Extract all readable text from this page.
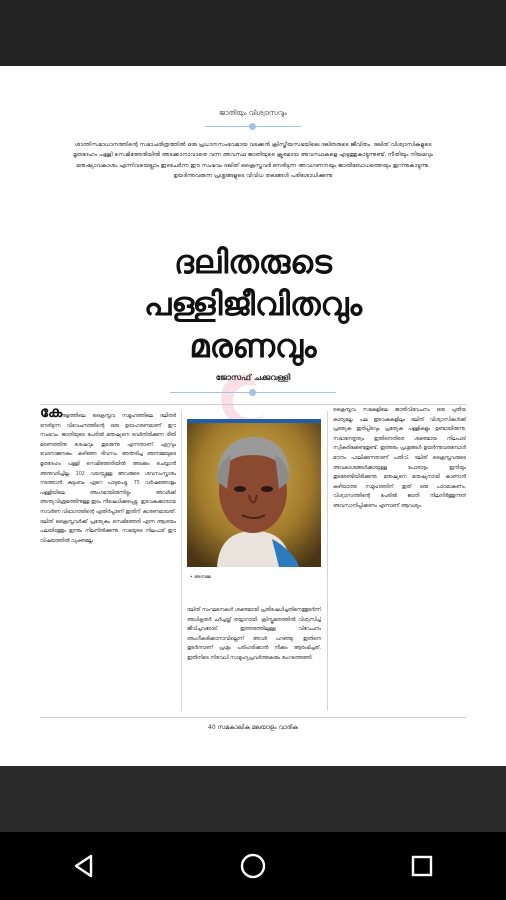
ജാതിയും വിശ്വാസവും
ശാന്തിസമാധാനത്തിന്റെ സഭാചരിത്രത്തിൽ ഒരു പ്രധാനസംഭവമായ വടക്കൻ ക്രിസ്തീയസഭയിലെ ദലിതരുടെ ജീവിതം. ദലിത് വിശ്വാസികളുടെ മൃതദേഹം പള്ളി സെമിത്തേരിയിൽ അടക്കാനാവാതെ വന്ന അവസ്ഥ ജാതിയുടെ ക്രൂരമായ അവസ്ഥകളെ എടുത്തുകാട്ടുന്നുണ്ട്. നീതിയും നിയമവും മനുഷ്യാവകാശം എന്നിവയെല്ലാം ഇഴചേർന്ന ഈ സംഭവം ദലിത് ക്രൈസ്തവർ നേരിടുന്ന അവഗണനയും ജാതിബോധത്തെയും തുറന്നുകാട്ടുന്നു. ഉയർന്നുവരുന്ന പ്രശ്നങ്ങളുടെ വിവിധ തലങ്ങൾ പരിശോധിക്കുന്നു
ദലിതരുടെ
പള്ളിജീവിതവും
മരണവും
ജോസഫ് ചക്കുവള്ളി
കേരളത്തിലെ ക്രൈസ്തവ സമൂഹത്തിലെ ദലിതർ നേരിടുന്ന വിവേചനത്തിന്റെ ഒരു ഉദാഹരണമാണ് ഈ സംഭവം. ജാതിയുടെ പേരിൽ മനുഷ്യനെ വേർതിരിക്കുന്ന രീതി മരണത്തിനു ശേഷവും തുടരുന്നു എന്നതാണ് ഏറ്റവും വേദനാജനകം. കഴിഞ്ഞ ദിവസം അന്തരിച്ച അന്നമ്മയുടെ മൃതദേഹം പള്ളി സെമിത്തേരിയിൽ അടക്കം ചെയ്യാൻ അനുവദിച്ചില്ല. 102 വയസ്സുള്ള അവരുടെ ശവസംസ്കാരം നടത്താൻ കുടുംബം ഏറെ പാടുപെട്ടു. 75 വർഷത്തോളം പള്ളിയിലെ അംഗമായിരുന്നിട്ടും അവർക്ക് അന്ത്യവിശ്രമത്തിനുള്ള ഇടം നിഷേധിക്കപ്പെട്ടു. ഇടവകക്കാരായ സവർണ വിഭാഗത്തിന്റെ എതിർപ്പാണ് ഇതിന് കാരണമായത്. ദലിത് ക്രൈസ്തവർക്ക് പ്രത്യേകം സെമിത്തേരി എന്ന ആശയം പലയിടത്തും ഇന്നും നിലനിൽക്കുന്നു. സഭയുടെ നിലപാട് ഈ വിഷയത്തിൽ വ്യക്തമല്ല.
• അന്നമ്മ
ദലിത് സംഘടനകൾ ശക്തമായി പ്രതിഷേധിച്ചതിനെത്തുടർന്ന് അധികൃതർ ചർച്ചയ്ക്ക് തയ്യാറായി. ക്രിസ്തുമതത്തിൽ വിശ്വസിച്ച് ജീവിച്ചവരോട് ഇത്തരത്തിലുള്ള വിവേചനം അംഗീകരിക്കാനാവില്ലെന്ന് അവർ പറഞ്ഞു. ഇതിനെ തുടർന്നാണ് പ്രശ്നം പരിഹരിക്കാൻ നീക്കം ആരംഭിച്ചത്. ഇതിനിടെ നിരവധി സാമൂഹ്യപ്രവർത്തകരും രംഗത്തെത്തി.
ക്രൈസ്തവ സഭകളിലെ ജാതിവിവേചനം ഒരു പുതിയ കാര്യമല്ല. പല ഇടവകകളിലും ദലിത് വിശ്വാസികൾക്ക് പ്രത്യേക ഇരിപ്പിടവും പ്രത്യേക പള്ളികളും ഉണ്ടായിരുന്നു. സഭാനേതൃത്വം ഇതിനെതിരെ ശക്തമായ നിലപാട് സ്വീകരിക്കേണ്ടതുണ്ട്. ഇത്തരം പ്രശ്നങ്ങൾ ഉയർന്നുവരുമ്പോൾ മൗനം പാലിക്കുന്നതാണ് പതിവ്. ദലിത് ക്രൈസ്തവരുടെ അവകാശങ്ങൾക്കായുള്ള പോരാട്ടം ഇനിയും തുടരേണ്ടിയിരിക്കുന്നു. മനുഷ്യനെ മനുഷ്യനായി കാണാൻ കഴിയാത്ത സമൂഹത്തിന് ഇത് ഒരു പാഠമാകണം. വിശ്വാസത്തിന്റെ പേരിൽ ജാതി നിലനിർത്തുന്നത് അവസാനിപ്പിക്കണം എന്നാണ് ആവശ്യം.
40 സമകാലിക മലയാളം വാരിക
